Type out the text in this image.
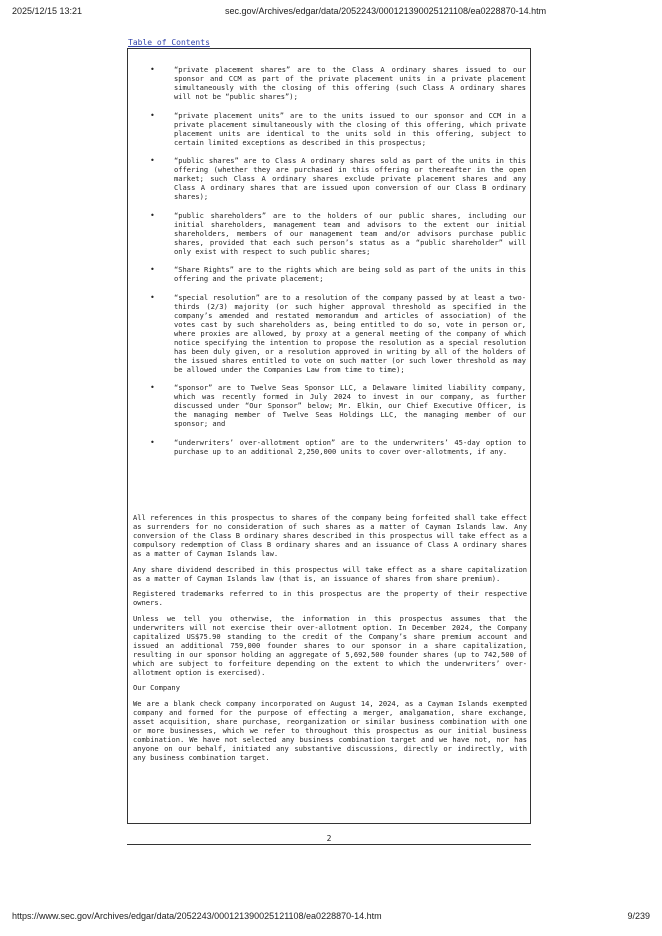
2025/12/15 13:21	sec.gov/Archives/edgar/data/2052243/000121390025121108/ea0228870-14.htm
Table of Contents
•	“private placement shares” are to the Class A ordinary shares issued to our sponsor and CCM as part of the private placement units in a private placement simultaneously with the closing of this offering (such Class A ordinary shares will not be “public shares”);
•	“private placement units” are to the units issued to our sponsor and CCM in a private placement simultaneously with the closing of this offering, which private placement units are identical to the units sold in this offering, subject to certain limited exceptions as described in this prospectus;
•	“public shares” are to Class A ordinary shares sold as part of the units in this offering (whether they are purchased in this offering or thereafter in the open market; such Class A ordinary shares exclude private placement shares and any Class A ordinary shares that are issued upon conversion of our Class B ordinary shares);
•	“public shareholders” are to the holders of our public shares, including our initial shareholders, management team and advisors to the extent our initial shareholders, members of our management team and/or advisors purchase public shares, provided that each such person’s status as a “public shareholder” will only exist with respect to such public shares;
•	“Share Rights” are to the rights which are being sold as part of the units in this offering and the private placement;
•	“special resolution” are to a resolution of the company passed by at least a two-thirds (2/3) majority (or such higher approval threshold as specified in the company’s amended and restated memorandum and articles of association) of the votes cast by such shareholders as, being entitled to do so, vote in person or, where proxies are allowed, by proxy at a general meeting of the company of which notice specifying the intention to propose the resolution as a special resolution has been duly given, or a resolution approved in writing by all of the holders of the issued shares entitled to vote on such matter (or such lower threshold as may be allowed under the Companies Law from time to time);
•	“sponsor” are to Twelve Seas Sponsor LLC, a Delaware limited liability company, which was recently formed in July 2024 to invest in our company, as further discussed under “Our Sponsor” below; Mr. Elkin, our Chief Executive Officer, is the managing member of Twelve Seas Holdings LLC, the managing member of our sponsor; and
•	“underwriters’ over-allotment option” are to the underwriters’ 45-day option to purchase up to an additional 2,250,000 units to cover over-allotments, if any.

All references in this prospectus to shares of the company being forfeited shall take effect as surrenders for no consideration of such shares as a matter of Cayman Islands law. Any conversion of the Class B ordinary shares described in this prospectus will take effect as a compulsory redemption of Class B ordinary shares and an issuance of Class A ordinary shares as a matter of Cayman Islands law.

Any share dividend described in this prospectus will take effect as a share capitalization as a matter of Cayman Islands law (that is, an issuance of shares from share premium).

Registered trademarks referred to in this prospectus are the property of their respective owners.

Unless we tell you otherwise, the information in this prospectus assumes that the underwriters will not exercise their over-allotment option. In December 2024, the Company capitalized US$75.90 standing to the credit of the Company’s share premium account and issued an additional 759,000 founder shares to our sponsor in a share capitalization, resulting in our sponsor holding an aggregate of 5,692,500 founder shares (up to 742,500 of which are subject to forfeiture depending on the extent to which the underwriters’ over-allotment option is exercised).

Our Company

We are a blank check company incorporated on August 14, 2024, as a Cayman Islands exempted company and formed for the purpose of effecting a merger, amalgamation, share exchange, asset acquisition, share purchase, reorganization or similar business combination with one or more businesses, which we refer to throughout this prospectus as our initial business combination. We have not selected any business combination target and we have not, nor has anyone on our behalf, initiated any substantive discussions, directly or indirectly, with any business combination target.

2
https://www.sec.gov/Archives/edgar/data/2052243/000121390025121108/ea0228870-14.htm	9/239
